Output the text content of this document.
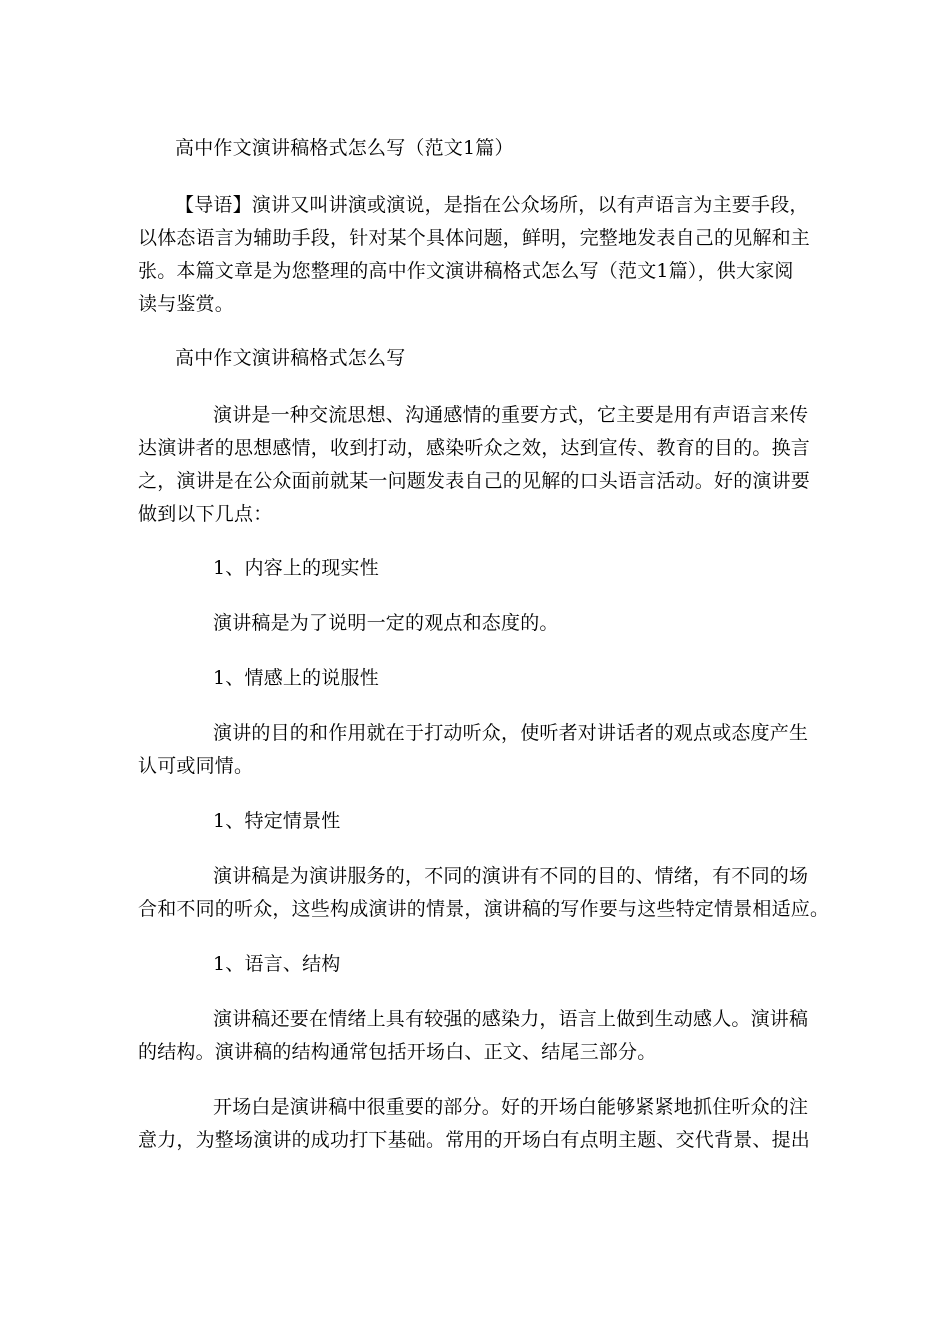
高中作文演讲稿格式怎么写（范文1篇）
【导语】演讲又叫讲演或演说，是指在公众场所，以有声语言为主要手段，
以体态语言为辅助手段，针对某个具体问题，鲜明，完整地发表自己的见解和主
张。本篇文章是为您整理的高中作文演讲稿格式怎么写（范文1篇），供大家阅
读与鉴赏。
高中作文演讲稿格式怎么写
演讲是一种交流思想、沟通感情的重要方式，它主要是用有声语言来传
达演讲者的思想感情，收到打动，感染听众之效，达到宣传、教育的目的。换言
之，演讲是在公众面前就某一问题发表自己的见解的口头语言活动。好的演讲要
做到以下几点：
1、内容上的现实性
演讲稿是为了说明一定的观点和态度的。
1、情感上的说服性
演讲的目的和作用就在于打动听众，使听者对讲话者的观点或态度产生
认可或同情。
1、特定情景性
演讲稿是为演讲服务的，不同的演讲有不同的目的、情绪，有不同的场
合和不同的听众，这些构成演讲的情景，演讲稿的写作要与这些特定情景相适应。
1、语言、结构
演讲稿还要在情绪上具有较强的感染力，语言上做到生动感人。演讲稿
的结构。演讲稿的结构通常包括开场白、正文、结尾三部分。
开场白是演讲稿中很重要的部分。好的开场白能够紧紧地抓住听众的注
意力，为整场演讲的成功打下基础。常用的开场白有点明主题、交代背景、提出
